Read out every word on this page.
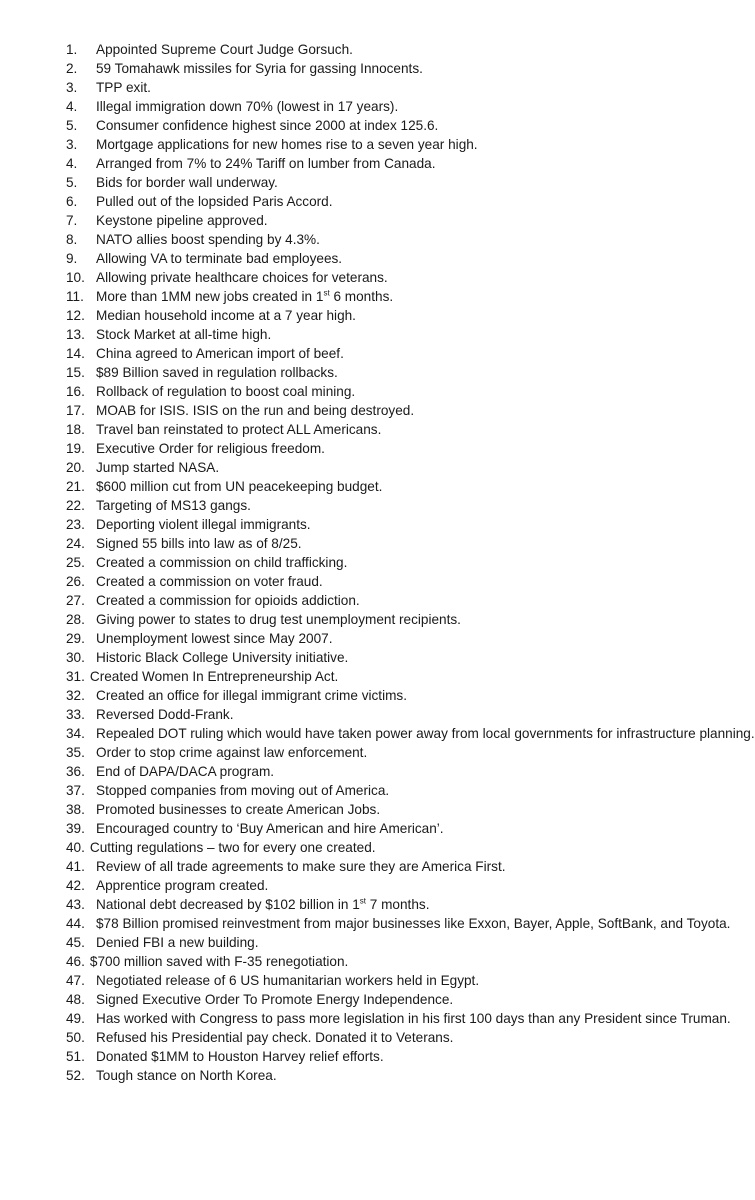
1.	Appointed Supreme Court Judge Gorsuch.
2.	59 Tomahawk missiles for Syria for gassing Innocents.
3.	TPP exit.
4.	Illegal immigration down 70% (lowest in 17 years).
5.	Consumer confidence highest since 2000 at index 125.6.
3.	Mortgage applications for new homes rise to a seven year high.
4.	Arranged from 7% to 24% Tariff on lumber from Canada.
5.	Bids for border wall underway.
6.	Pulled out of the lopsided Paris Accord.
7.	Keystone pipeline approved.
8.	NATO allies boost spending by 4.3%.
9.	Allowing VA to terminate bad employees.
10. Allowing private healthcare choices for veterans.
11. More than 1MM new jobs created in 1st 6 months.
12. Median household income at a 7 year high.
13. Stock Market at all-time high.
14. China agreed to American import of beef.
15. $89 Billion saved in regulation rollbacks.
16. Rollback of regulation to boost coal mining.
17. MOAB for ISIS. ISIS on the run and being destroyed.
18. Travel ban reinstated to protect ALL Americans.
19. Executive Order for religious freedom.
20. Jump started NASA.
21. $600 million cut from UN peacekeeping budget.
22. Targeting of MS13 gangs.
23. Deporting violent illegal immigrants.
24. Signed 55 bills into law as of 8/25.
25. Created a commission on child trafficking.
26. Created a commission on voter fraud.
27. Created a commission for opioids addiction.
28. Giving power to states to drug test unemployment recipients.
29. Unemployment lowest since May 2007.
30. Historic Black College University initiative.
31. Created Women In Entrepreneurship Act.
32. Created an office for illegal immigrant crime victims.
33. Reversed Dodd-Frank.
34. Repealed DOT ruling which would have taken power away from local governments for infrastructure planning.
35. Order to stop crime against law enforcement.
36. End of DAPA/DACA program.
37. Stopped companies from moving out of America.
38. Promoted businesses to create American Jobs.
39. Encouraged country to ‘Buy American and hire American’.
40. Cutting regulations – two for every one created.
41. Review of all trade agreements to make sure they are America First.
42. Apprentice program created.
43. National debt decreased by $102 billion in 1st 7 months.
44. $78 Billion promised reinvestment from major businesses like Exxon, Bayer, Apple, SoftBank, and Toyota.
45. Denied FBI a new building.
46. $700 million saved with F-35 renegotiation.
47. Negotiated release of 6 US humanitarian workers held in Egypt.
48. Signed Executive Order To Promote Energy Independence.
49. Has worked with Congress to pass more legislation in his first 100 days than any President since Truman.
50. Refused his Presidential pay check. Donated it to Veterans.
51. Donated $1MM to Houston Harvey relief efforts.
52. Tough stance on North Korea.
